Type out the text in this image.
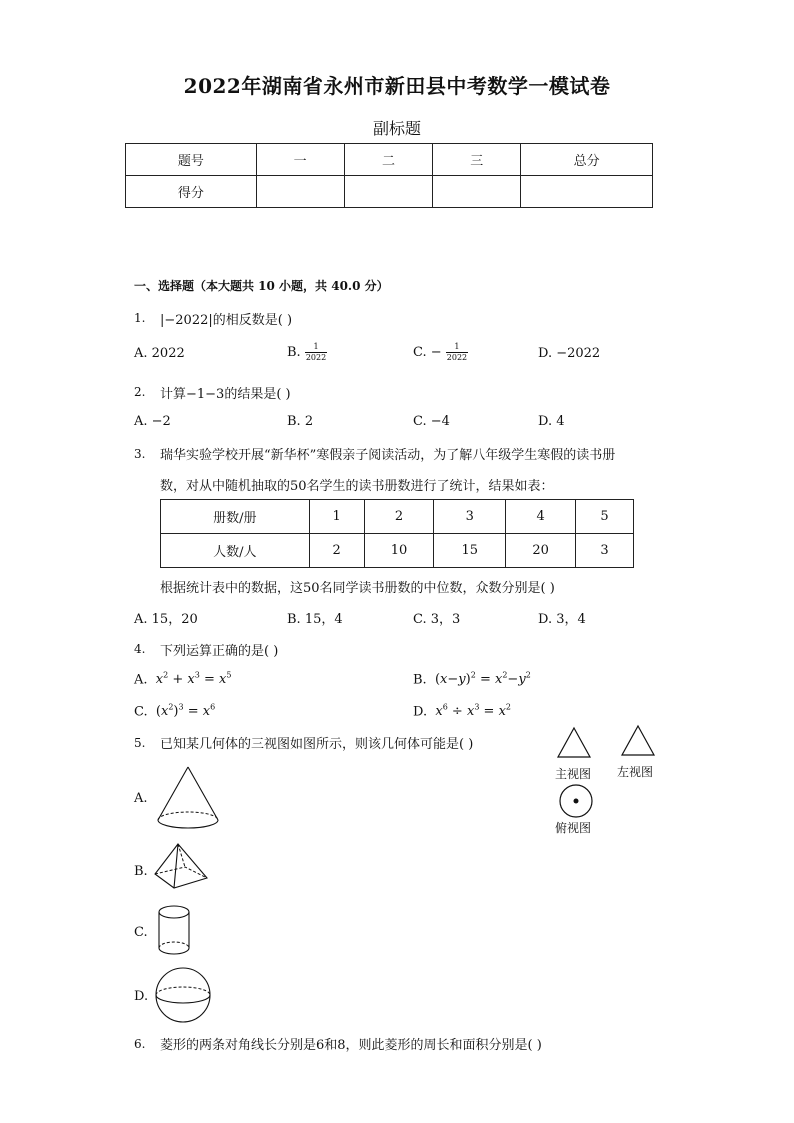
2022年湖南省永州市新田县中考数学一模试卷
副标题
题号	一	二	三	总分
得分				
一、选择题（本大题共 10 小题，共 40.0 分）
1. |−2022|的相反数是( )
A. 2022	B. $\frac{1}{2022}$	C. − $\frac{1}{2022}$	D. −2022
2. 计算−1−3的结果是( )
A. −2	B. 2	C. −4	D. 4
3. 瑞华实验学校开展“新华杯”寒假亲子阅读活动，为了解八年级学生寒假的读书册
数，对从中随机抽取的50名学生的读书册数进行了统计，结果如表：
册数/册	1	2	3	4	5
人数/人	2	10	15	20	3
根据统计表中的数据，这50名同学读书册数的中位数，众数分别是( )
A. 15，20	B. 15，4	C. 3，3	D. 3，4
4. 下列运算正确的是( )
A. $x^2 + x^3 = x^5$	B. $(x-y)^2 = x^2-y^2$
C. $(x^2)^3 = x^6$	D. $x^6 \div x^3 = x^2$
5. 已知某几何体的三视图如图所示，则该几何体可能是( )
主视图 左视图
俯视图
A.
B.
C.
D.
6. 菱形的两条对角线长分别是6和8，则此菱形的周长和面积分别是( )
